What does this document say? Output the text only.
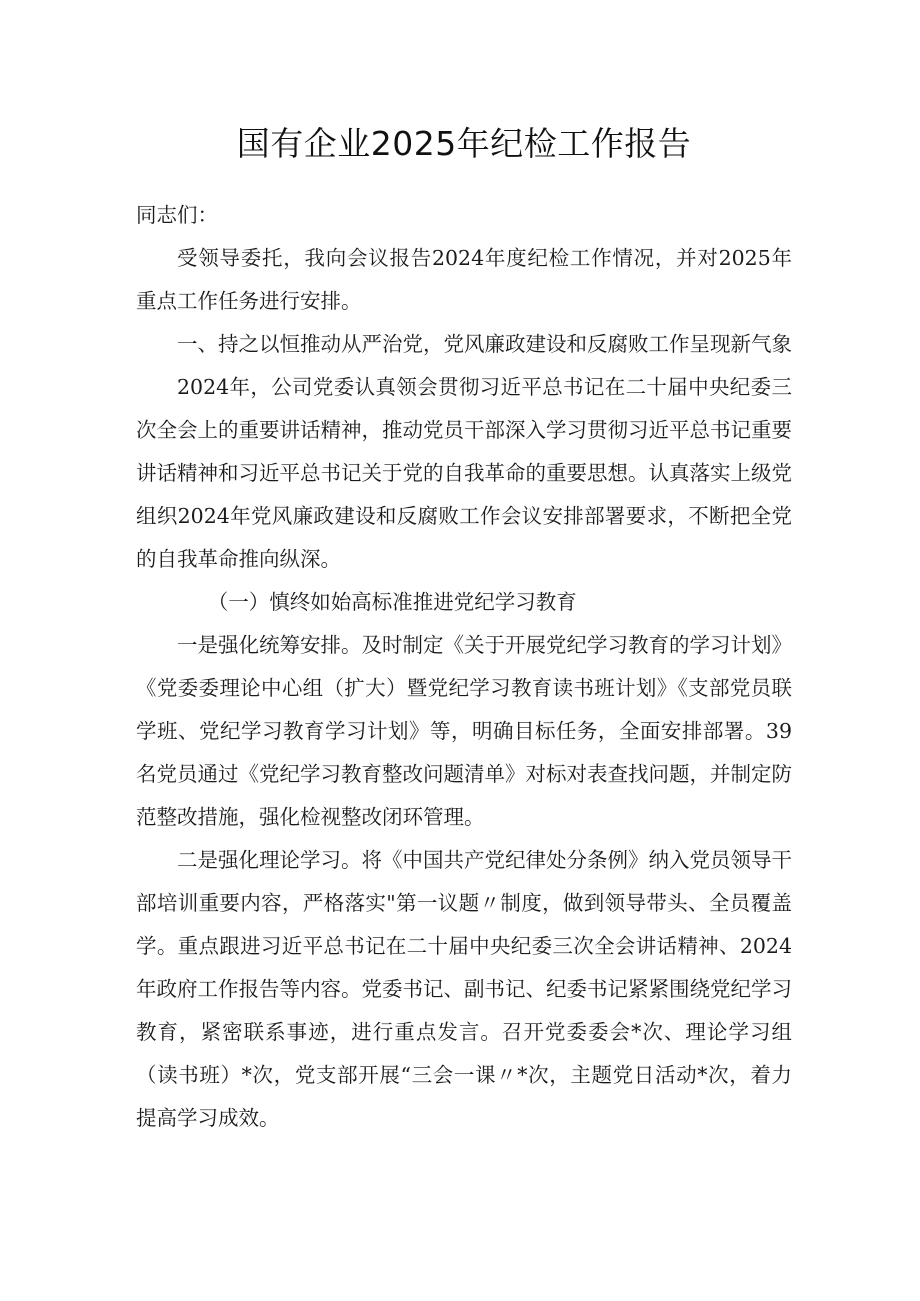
国有企业2025年纪检工作报告

同志们：

受领导委托，我向会议报告2024年度纪检工作情况，并对2025年重点工作任务进行安排。

一、持之以恒推动从严治党，党风廉政建设和反腐败工作呈现新气象

2024年，公司党委认真领会贯彻习近平总书记在二十届中央纪委三次全会上的重要讲话精神，推动党员干部深入学习贯彻习近平总书记重要讲话精神和习近平总书记关于党的自我革命的重要思想。认真落实上级党组织2024年党风廉政建设和反腐败工作会议安排部署要求，不断把全党的自我革命推向纵深。

（一）慎终如始高标准推进党纪学习教育

一是强化统筹安排。及时制定《关于开展党纪学习教育的学习计划》《党委委理论中心组（扩大）暨党纪学习教育读书班计划》《支部党员联学班、党纪学习教育学习计划》等，明确目标任务，全面安排部署。39名党员通过《党纪学习教育整改问题清单》对标对表查找问题，并制定防范整改措施，强化检视整改闭环管理。

二是强化理论学习。将《中国共产党纪律处分条例》纳入党员领导干部培训重要内容，严格落实"第一议题〃制度，做到领导带头、全员覆盖学。重点跟进习近平总书记在二十届中央纪委三次全会讲话精神、2024年政府工作报告等内容。党委书记、副书记、纪委书记紧紧围绕党纪学习教育，紧密联系事迹，进行重点发言。召开党委委会*次、理论学习组（读书班）*次，党支部开展“三会一课〃*次，主题党日活动*次，着力提高学习成效。
